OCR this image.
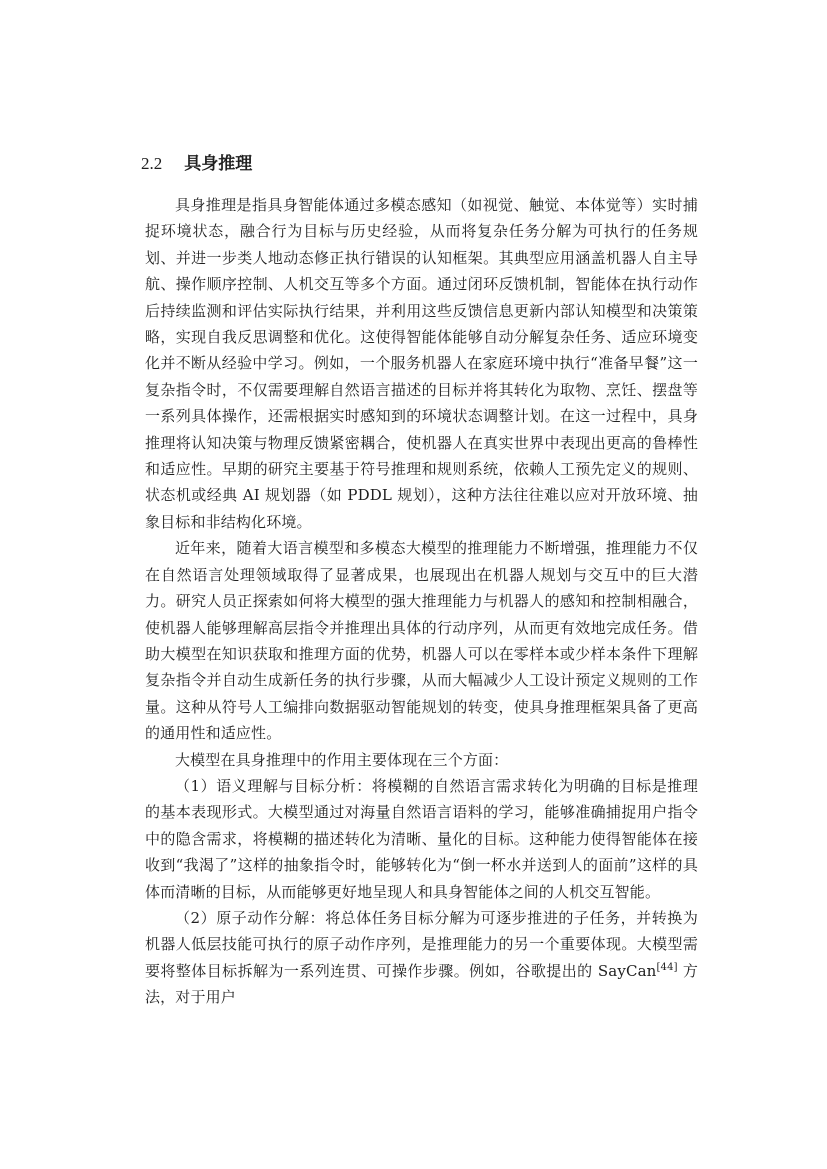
2.2 具身推理

具身推理是指具身智能体通过多模态感知（如视觉、触觉、本体觉等）实时捕捉环境状态，融合行为目标与历史经验，从而将复杂任务分解为可执行的任务规划、并进一步类人地动态修正执行错误的认知框架。其典型应用涵盖机器人自主导航、操作顺序控制、人机交互等多个方面。通过闭环反馈机制，智能体在执行动作后持续监测和评估实际执行结果，并利用这些反馈信息更新内部认知模型和决策策略，实现自我反思调整和优化。这使得智能体能够自动分解复杂任务、适应环境变化并不断从经验中学习。例如，一个服务机器人在家庭环境中执行“准备早餐”这一复杂指令时，不仅需要理解自然语言描述的目标并将其转化为取物、烹饪、摆盘等一系列具体操作，还需根据实时感知到的环境状态调整计划。在这一过程中，具身推理将认知决策与物理反馈紧密耦合，使机器人在真实世界中表现出更高的鲁棒性和适应性。早期的研究主要基于符号推理和规则系统，依赖人工预先定义的规则、状态机或经典 AI 规划器（如 PDDL 规划），这种方法往往难以应对开放环境、抽象目标和非结构化环境。

近年来，随着大语言模型和多模态大模型的推理能力不断增强，推理能力不仅在自然语言处理领域取得了显著成果，也展现出在机器人规划与交互中的巨大潜力。研究人员正探索如何将大模型的强大推理能力与机器人的感知和控制相融合，使机器人能够理解高层指令并推理出具体的行动序列，从而更有效地完成任务。借助大模型在知识获取和推理方面的优势，机器人可以在零样本或少样本条件下理解复杂指令并自动生成新任务的执行步骤，从而大幅减少人工设计预定义规则的工作量。这种从符号人工编排向数据驱动智能规划的转变，使具身推理框架具备了更高的通用性和适应性。

大模型在具身推理中的作用主要体现在三个方面：

（1）语义理解与目标分析：将模糊的自然语言需求转化为明确的目标是推理的基本表现形式。大模型通过对海量自然语言语料的学习，能够准确捕捉用户指令中的隐含需求，将模糊的描述转化为清晰、量化的目标。这种能力使得智能体在接收到“我渴了”这样的抽象指令时，能够转化为“倒一杯水并送到人的面前”这样的具体而清晰的目标，从而能够更好地呈现人和具身智能体之间的人机交互智能。

（2）原子动作分解：将总体任务目标分解为可逐步推进的子任务，并转换为机器人低层技能可执行的原子动作序列，是推理能力的另一个重要体现。大模型需要将整体目标拆解为一系列连贯、可操作步骤。例如，谷歌提出的 SayCan[44] 方法，对于用户
